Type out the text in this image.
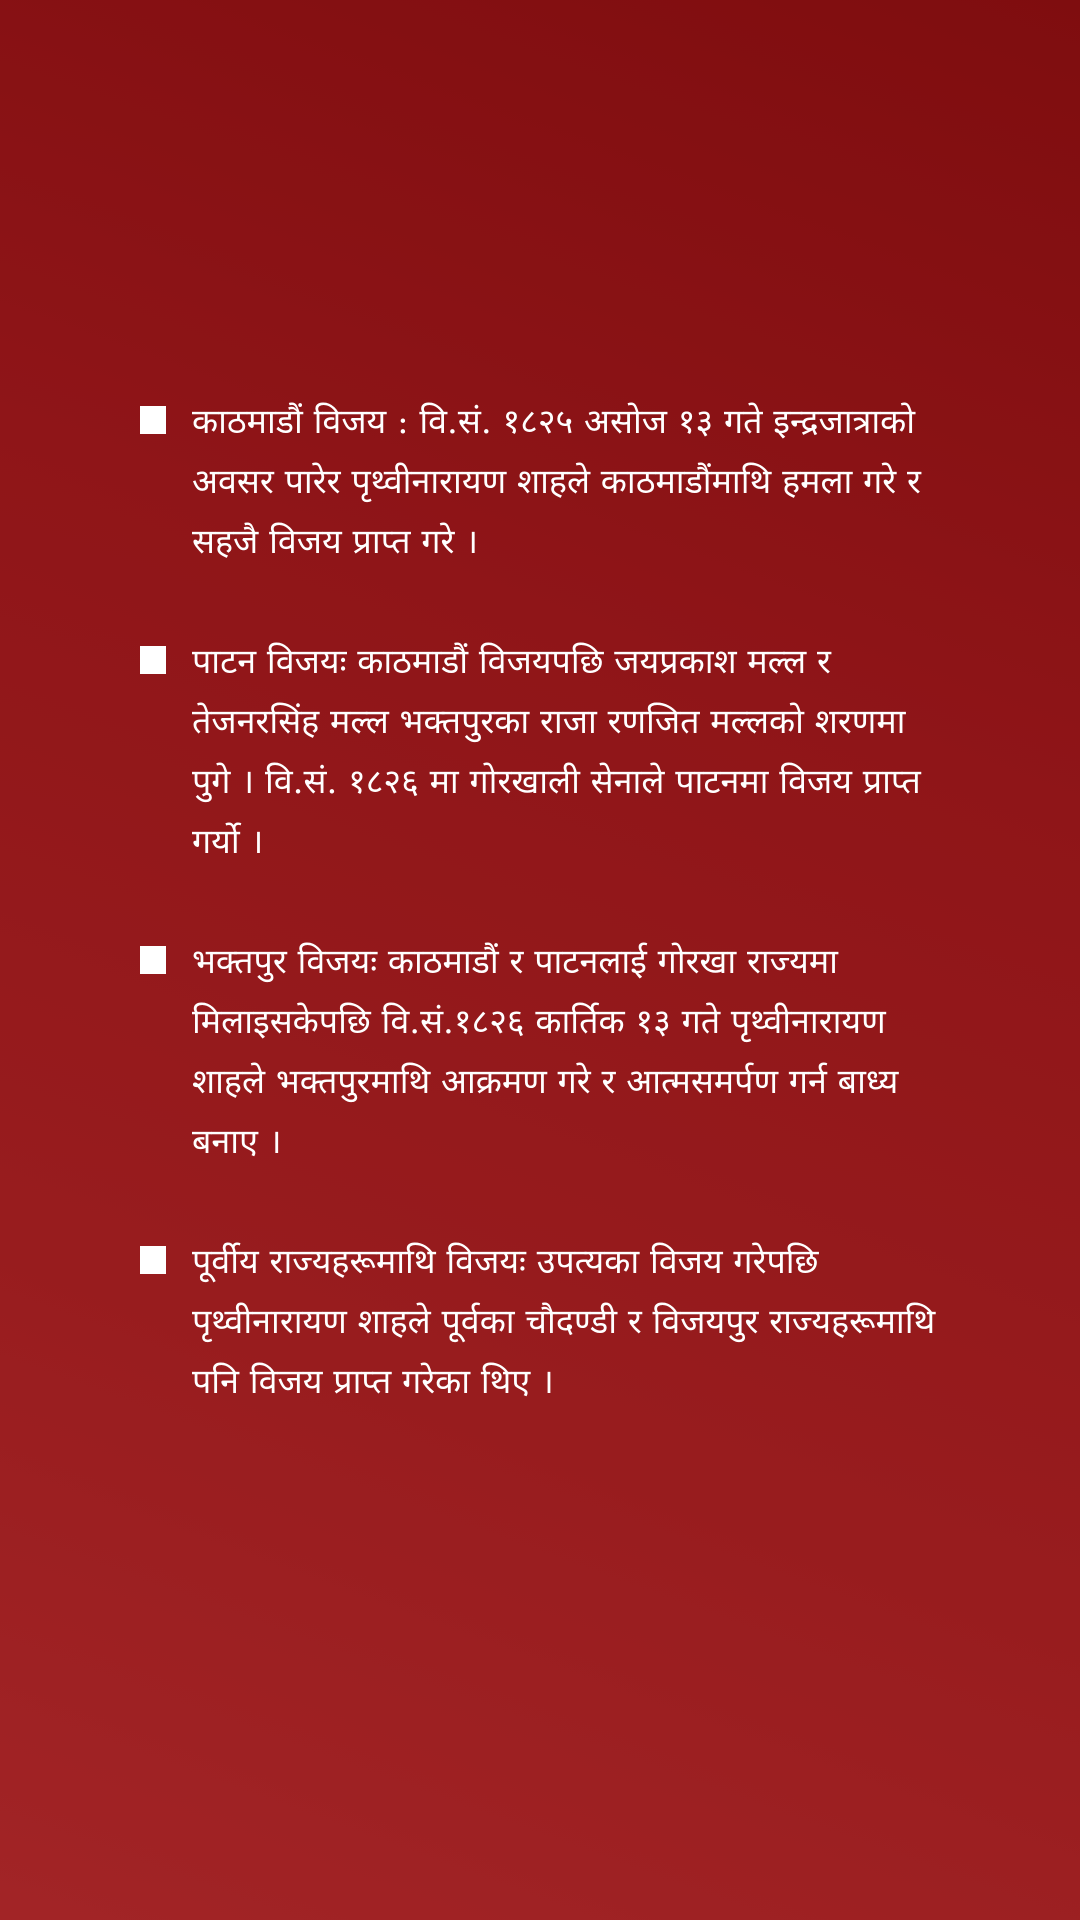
काठमाडौं विजय : वि.सं. १८२५ असोज १३ गते इन्द्रजात्राको अवसर पारेर पृथ्वीनारायण शाहले काठमाडौंमाथि हमला गरे र सहजै विजय प्राप्त गरे ।
पाटन विजयः काठमाडौं विजयपछि जयप्रकाश मल्ल र तेजनरसिंह मल्ल भक्तपुरका राजा रणजित मल्लको शरणमा पुगे । वि.सं. १८२६ मा गोरखाली सेनाले पाटनमा विजय प्राप्त गर्यो ।
भक्तपुर विजयः काठमाडौं र पाटनलाई गोरखा राज्यमा मिलाइसकेपछि वि.सं.१८२६ कार्तिक १३ गते पृथ्वीनारायण शाहले भक्तपुरमाथि आक्रमण गरे र आत्मसमर्पण गर्न बाध्य बनाए ।
पूर्वीय राज्यहरूमाथि विजयः उपत्यका विजय गरेपछि पृथ्वीनारायण शाहले पूर्वका चौदण्डी र विजयपुर राज्यहरूमाथि पनि विजय प्राप्त गरेका थिए ।
